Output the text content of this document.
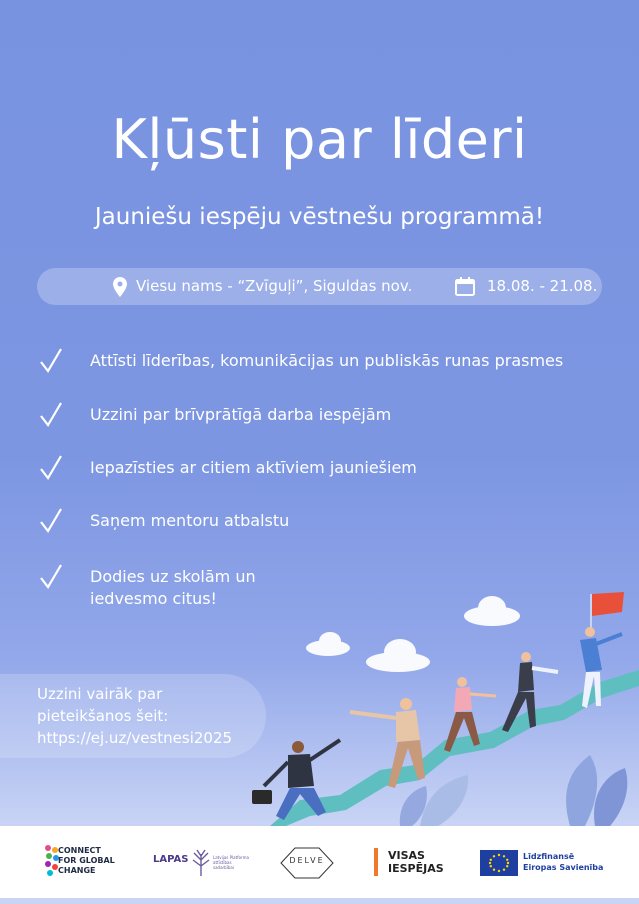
Kļūsti par līderi
Jauniešu iespēju vēstnešu programmā!
Viesu nams - “Zvīguļi”, Siguldas nov.	18.08. - 21.08.
Attīsti līderības, komunikācijas un publiskās runas prasmes
Uzzini par brīvprātīgā darba iespējām
Iepazīsties ar citiem aktīviem jauniešiem
Saņem mentoru atbalstu
Dodies uz skolām un
iedvesmo citus!
Uzzini vairāk par
pieteikšanos šeit:
https://ej.uz/vestnesi2025
CONNECT
FOR GLOBAL
CHANGE
LAPAS	Latvijas Platforma attīstības sadarbībai
DELVE	VISAS
IESPĒJAS
Līdzfinansē
Eiropas Savienība
